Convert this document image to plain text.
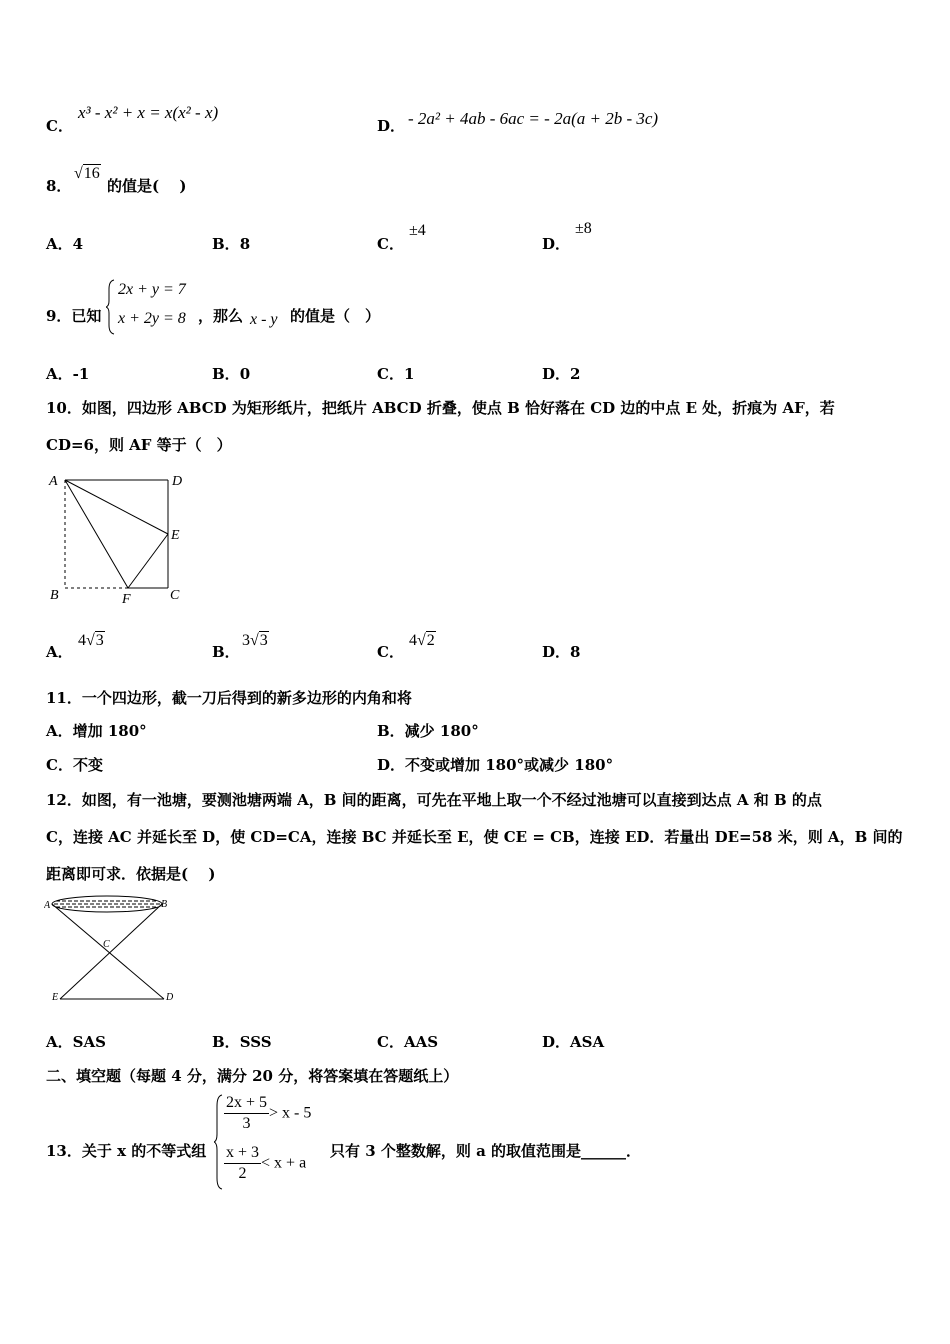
C．
x³ - x² + x = x(x² - x)
D． - 2a² + 4ab - 6ac = - 2a(a + 2b - 3c)
8．
√16
的值是(　 )
A．4	B．8	C．
±4
D．
±8
9．已知
2x + y = 7
x + 2y = 8 ，那么 x - y 的值是（　）
A．-1	B．0	C．1	D．2
10．如图，四边形 ABCD 为矩形纸片，把纸片 ABCD 折叠，使点 B 恰好落在 CD 边的中点 E 处，折痕为 AF，若
CD=6，则 AF 等于（　）
A	D
E
B	F	C
A．
4√3
B．
3√3
C．
4√2
D．8
11．一个四边形，截一刀后得到的新多边形的内角和将
A．增加 180°	B．减少 180°
C．不变	D．不变或增加 180°或减少 180°
12．如图，有一池塘，要测池塘两端 A，B 间的距离，可先在平地上取一个不经过池塘可以直接到达点 A 和 B 的点
C，连接 AC 并延长至 D，使 CD=CA，连接 BC 并延长至 E，使 CE = CB，连接 ED．若量出 DE=58 米，则 A，B 间的
距离即可求．依据是(　 )
A	B
C
E	D
A．SAS	B．SSS	C．AAS	D．ASA
二、填空题（每题 4 分，满分 20 分，将答案填在答题纸上）
13．关于 x 的不等式组
$\frac{2x + 5}{3} > x - 5$
$\frac{x + 3}{2} < x + a$
只有 3 个整数解，则 a 的取值范围是______．
